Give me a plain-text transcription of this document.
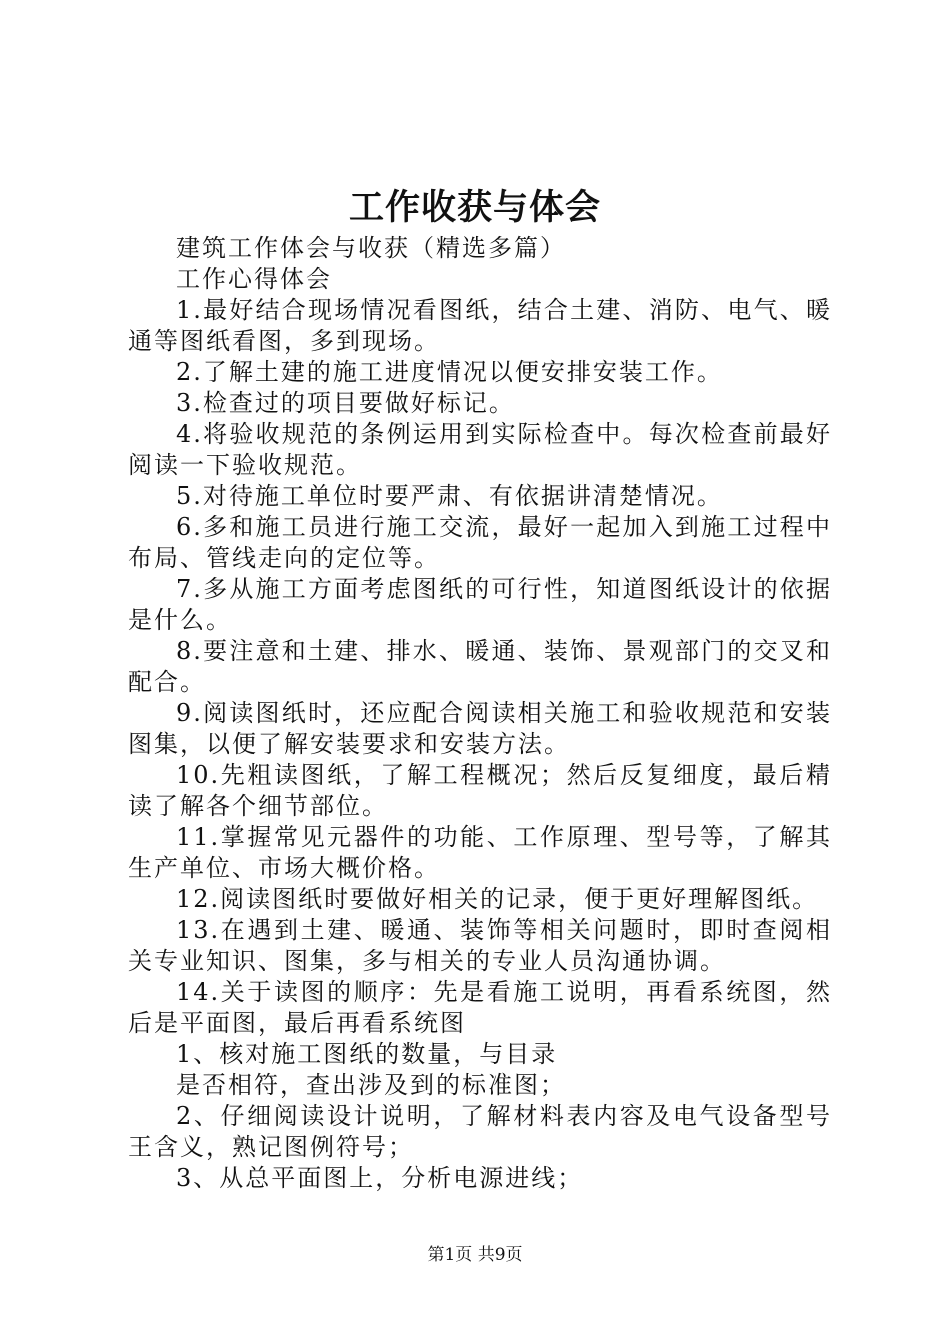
工作收获与体会

建筑工作体会与收获（精选多篇）

工作心得体会

1.最好结合现场情况看图纸，结合土建、消防、电气、暖通等图纸看图，多到现场。

2.了解土建的施工进度情况以便安排安装工作。

3.检查过的项目要做好标记。

4.将验收规范的条例运用到实际检查中。每次检查前最好阅读一下验收规范。

5.对待施工单位时要严肃、有依据讲清楚情况。

6.多和施工员进行施工交流，最好一起加入到施工过程中布局、管线走向的定位等。

7.多从施工方面考虑图纸的可行性，知道图纸设计的依据是什么。

8.要注意和土建、排水、暖通、装饰、景观部门的交叉和配合。

9.阅读图纸时，还应配合阅读相关施工和验收规范和安装图集，以便了解安装要求和安装方法。

10.先粗读图纸，了解工程概况；然后反复细度，最后精读了解各个细节部位。

11.掌握常见元器件的功能、工作原理、型号等，了解其生产单位、市场大概价格。

12.阅读图纸时要做好相关的记录，便于更好理解图纸。

13.在遇到土建、暖通、装饰等相关问题时，即时查阅相关专业知识、图集，多与相关的专业人员沟通协调。

14.关于读图的顺序：先是看施工说明，再看系统图，然后是平面图，最后再看系统图

1、核对施工图纸的数量，与目录

是否相符，查出涉及到的标准图；

2、仔细阅读设计说明，了解材料表内容及电气设备型号王含义，熟记图例符号；

3、从总平面图上，分析电源进线；

第1页 共9页
